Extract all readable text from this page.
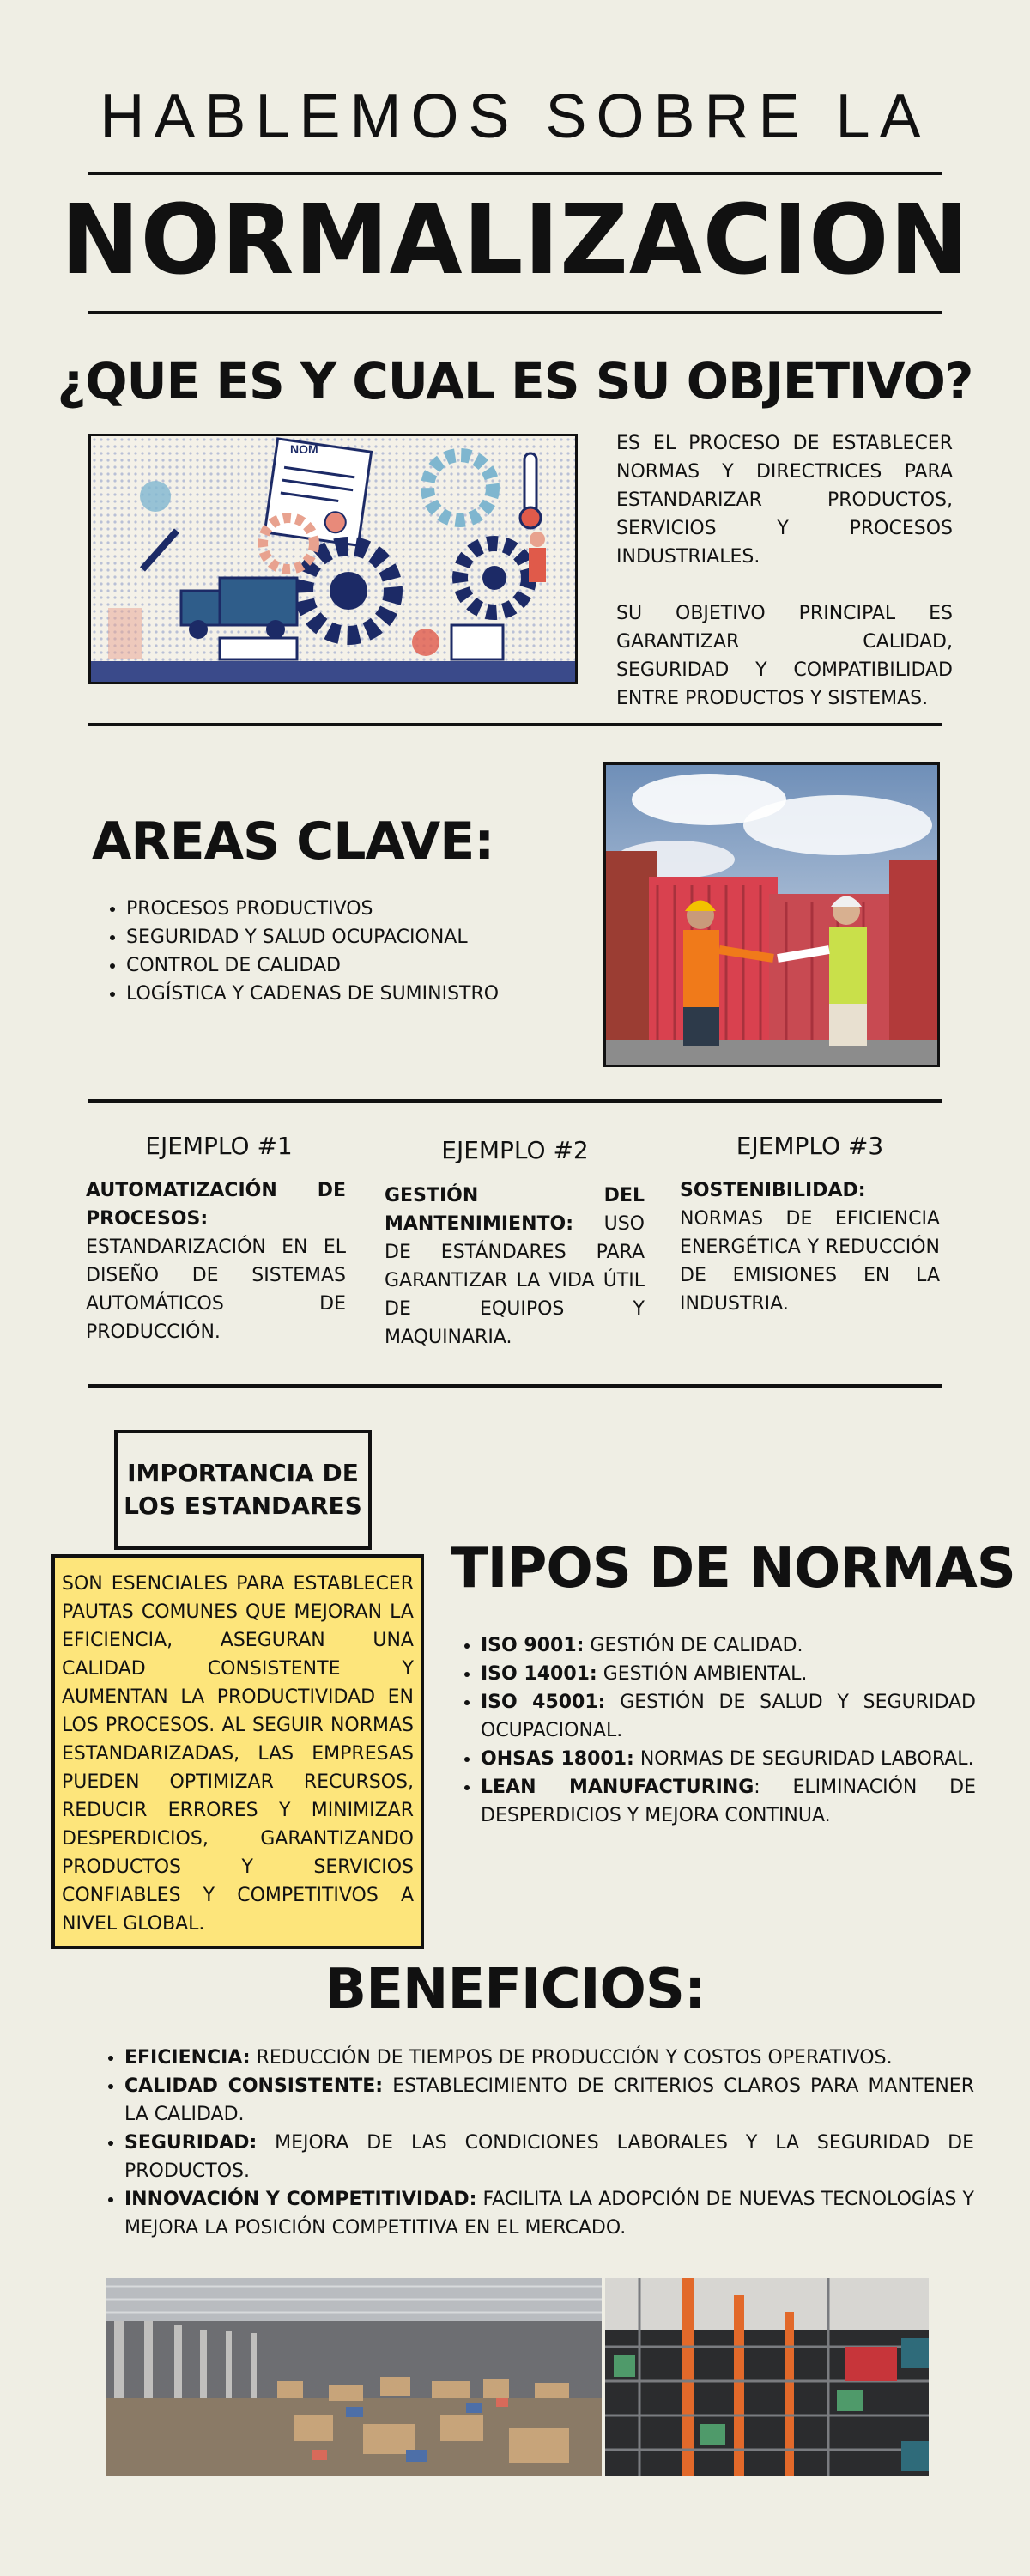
HABLEMOS SOBRE LA
NORMALIZACION
¿QUE ES Y CUAL ES SU OBJETIVO?
NOM	ES EL PROCESO DE ESTABLECER NORMAS Y DIRECTRICES PARA ESTANDARIZAR PRODUCTOS, SERVICIOS Y PROCESOS INDUSTRIALES.
SU OBJETIVO PRINCIPAL ES GARANTIZAR CALIDAD, SEGURIDAD Y COMPATIBILIDAD ENTRE PRODUCTOS Y SISTEMAS.
AREAS CLAVE:
• PROCESOS PRODUCTIVOS
• SEGURIDAD Y SALUD OCUPACIONAL
• CONTROL DE CALIDAD
• LOGÍSTICA Y CADENAS DE SUMINISTRO
EJEMPLO #1
AUTOMATIZACIÓN DE PROCESOS: ESTANDARIZACIÓN EN EL DISEÑO DE SISTEMAS AUTOMÁTICOS DE PRODUCCIÓN.
EJEMPLO #2
GESTIÓN DEL MANTENIMIENTO: USO DE ESTÁNDARES PARA GARANTIZAR LA VIDA ÚTIL DE EQUIPOS Y MAQUINARIA.
EJEMPLO #3
SOSTENIBILIDAD: NORMAS DE EFICIENCIA ENERGÉTICA Y REDUCCIÓN DE EMISIONES EN LA INDUSTRIA.
IMPORTANCIA DE LOS ESTANDARES
SON ESENCIALES PARA ESTABLECER PAUTAS COMUNES QUE MEJORAN LA EFICIENCIA, ASEGURAN UNA CALIDAD CONSISTENTE Y AUMENTAN LA PRODUCTIVIDAD EN LOS PROCESOS. AL SEGUIR NORMAS ESTANDARIZADAS, LAS EMPRESAS PUEDEN OPTIMIZAR RECURSOS, REDUCIR ERRORES Y MINIMIZAR DESPERDICIOS, GARANTIZANDO PRODUCTOS Y SERVICIOS CONFIABLES Y COMPETITIVOS A NIVEL GLOBAL.
TIPOS DE NORMAS
• ISO 9001: GESTIÓN DE CALIDAD.
• ISO 14001: GESTIÓN AMBIENTAL.
• ISO 45001: GESTIÓN DE SALUD Y SEGURIDAD OCUPACIONAL.
• OHSAS 18001: NORMAS DE SEGURIDAD LABORAL.
• LEAN MANUFACTURING: ELIMINACIÓN DE DESPERDICIOS Y MEJORA CONTINUA.
BENEFICIOS:
• EFICIENCIA: REDUCCIÓN DE TIEMPOS DE PRODUCCIÓN Y COSTOS OPERATIVOS.
• CALIDAD CONSISTENTE: ESTABLECIMIENTO DE CRITERIOS CLAROS PARA MANTENER LA CALIDAD.
• SEGURIDAD: MEJORA DE LAS CONDICIONES LABORALES Y LA SEGURIDAD DE PRODUCTOS.
• INNOVACIÓN Y COMPETITIVIDAD: FACILITA LA ADOPCIÓN DE NUEVAS TECNOLOGÍAS Y MEJORA LA POSICIÓN COMPETITIVA EN EL MERCADO.
